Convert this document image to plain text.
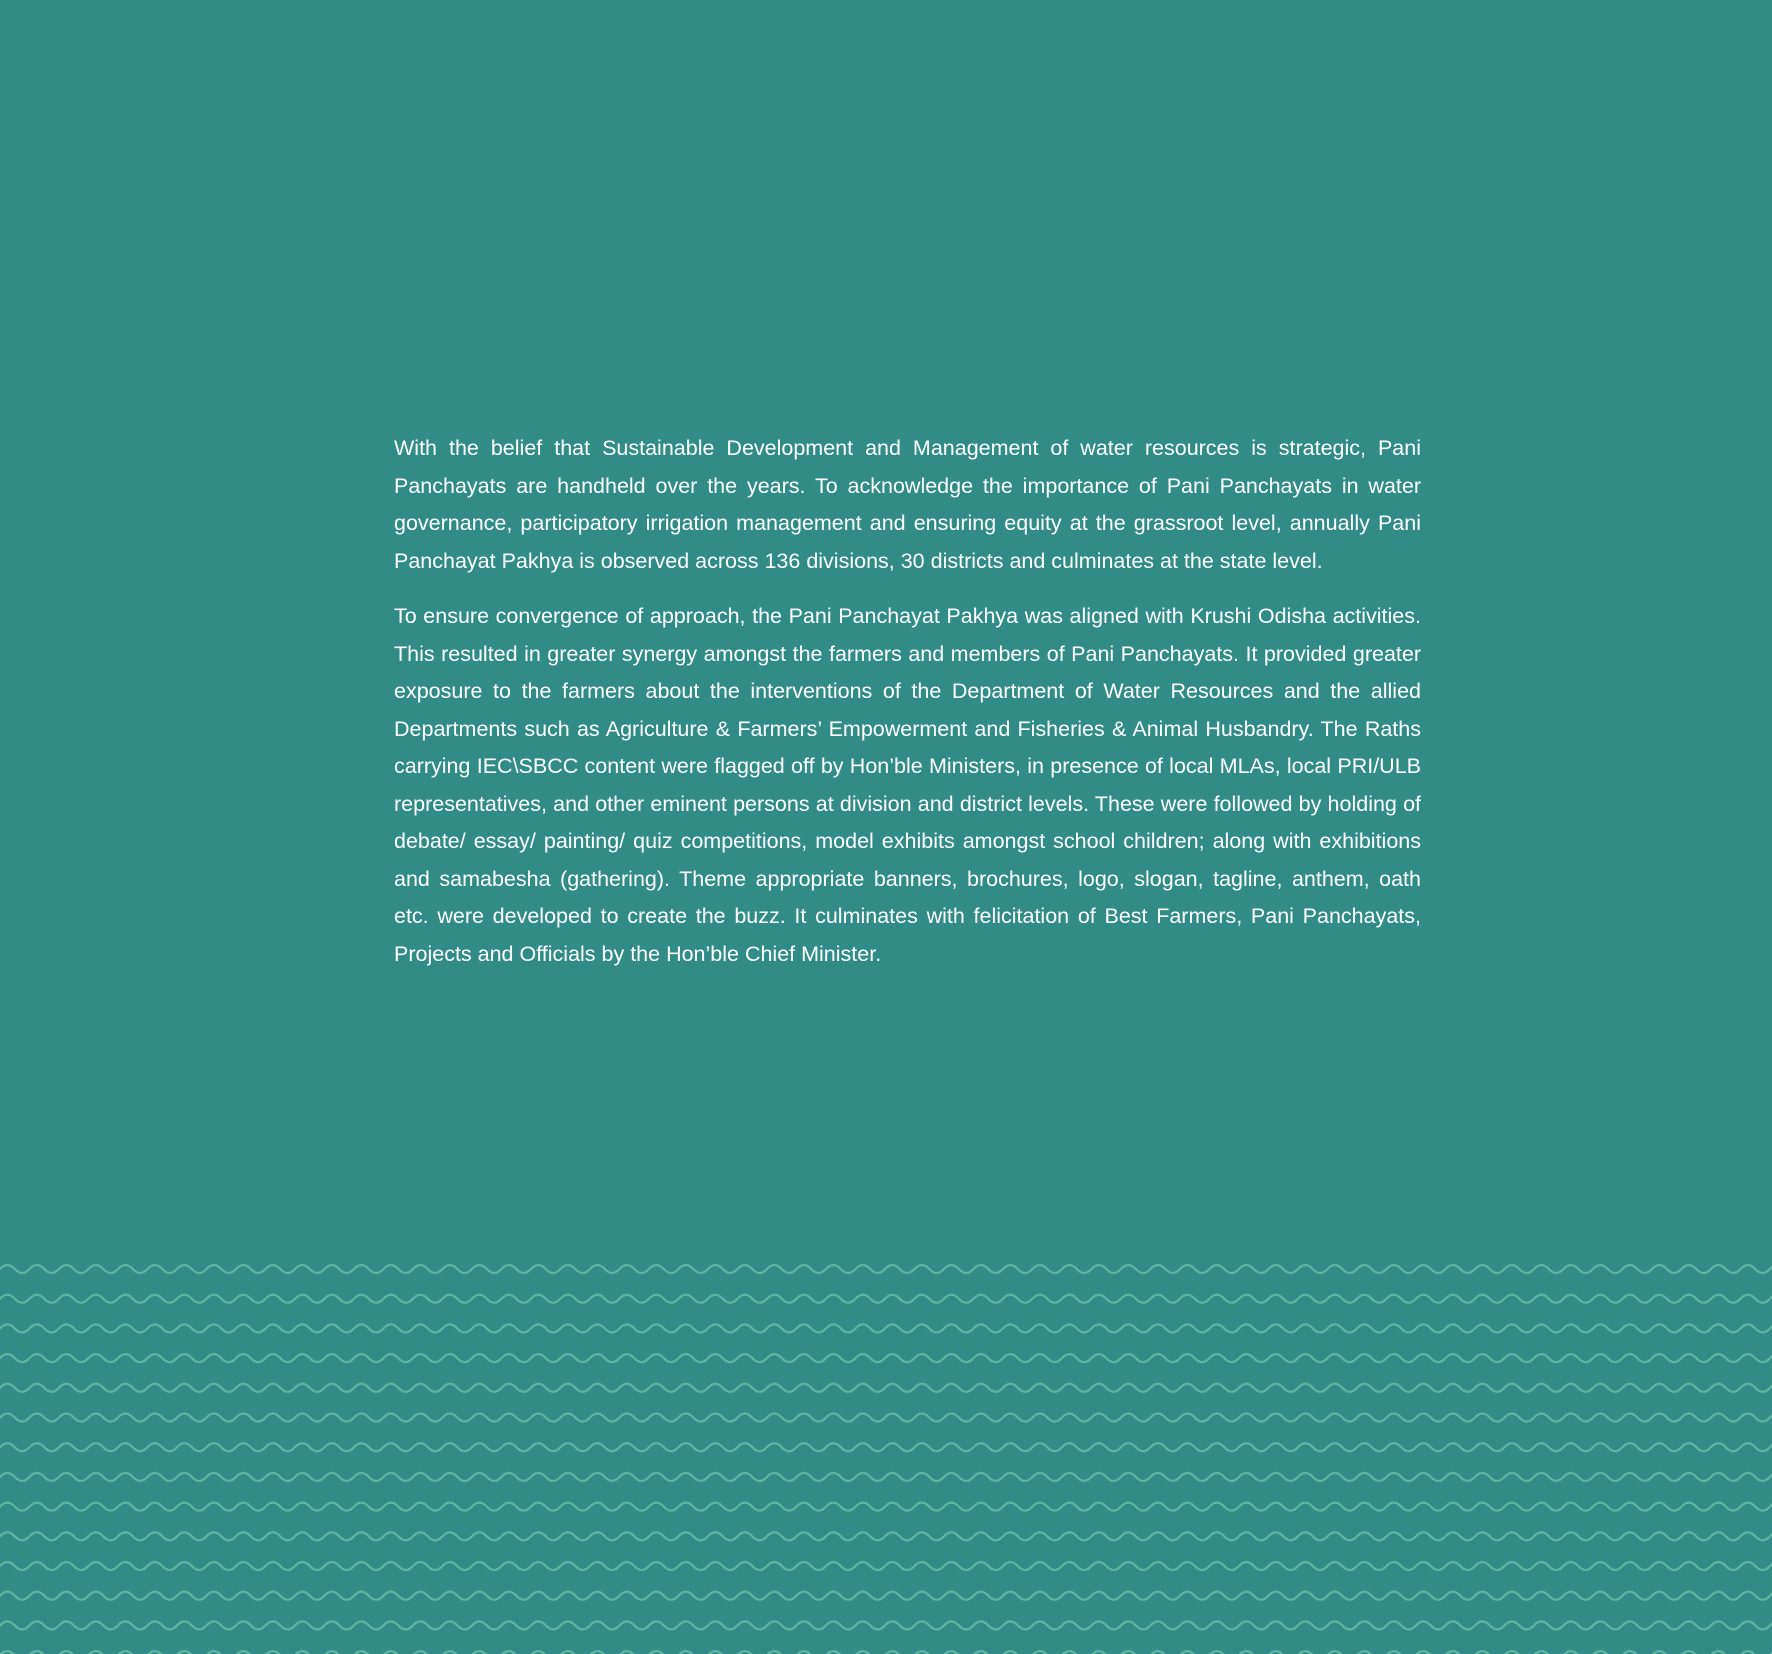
With the belief that Sustainable Development and Management of water resources is strategic, Pani Panchayats are handheld over the years. To acknowledge the importance of Pani Panchayats in water governance, participatory irrigation management and ensuring equity at the grassroot level, annually Pani Panchayat Pakhya is observed across 136 divisions, 30 districts and culminates at the state level.

To ensure convergence of approach, the Pani Panchayat Pakhya was aligned with Krushi Odisha activities. This resulted in greater synergy amongst the farmers and members of Pani Panchayats. It provided greater exposure to the farmers about the interventions of the Department of Water Resources and the allied Departments such as Agriculture & Farmers’ Empowerment and Fisheries & Animal Husbandry. The Raths carrying IEC\SBCC content were flagged off by Hon’ble Ministers, in presence of local MLAs, local PRI/ULB representatives, and other eminent persons at division and district levels. These were followed by holding of debate/ essay/ painting/ quiz competitions, model exhibits amongst school children; along with exhibitions and samabesha (gathering). Theme appropriate banners, brochures, logo, slogan, tagline, anthem, oath etc. were developed to create the buzz. It culminates with felicitation of Best Farmers, Pani Panchayats, Projects and Officials by the Hon’ble Chief Minister.
